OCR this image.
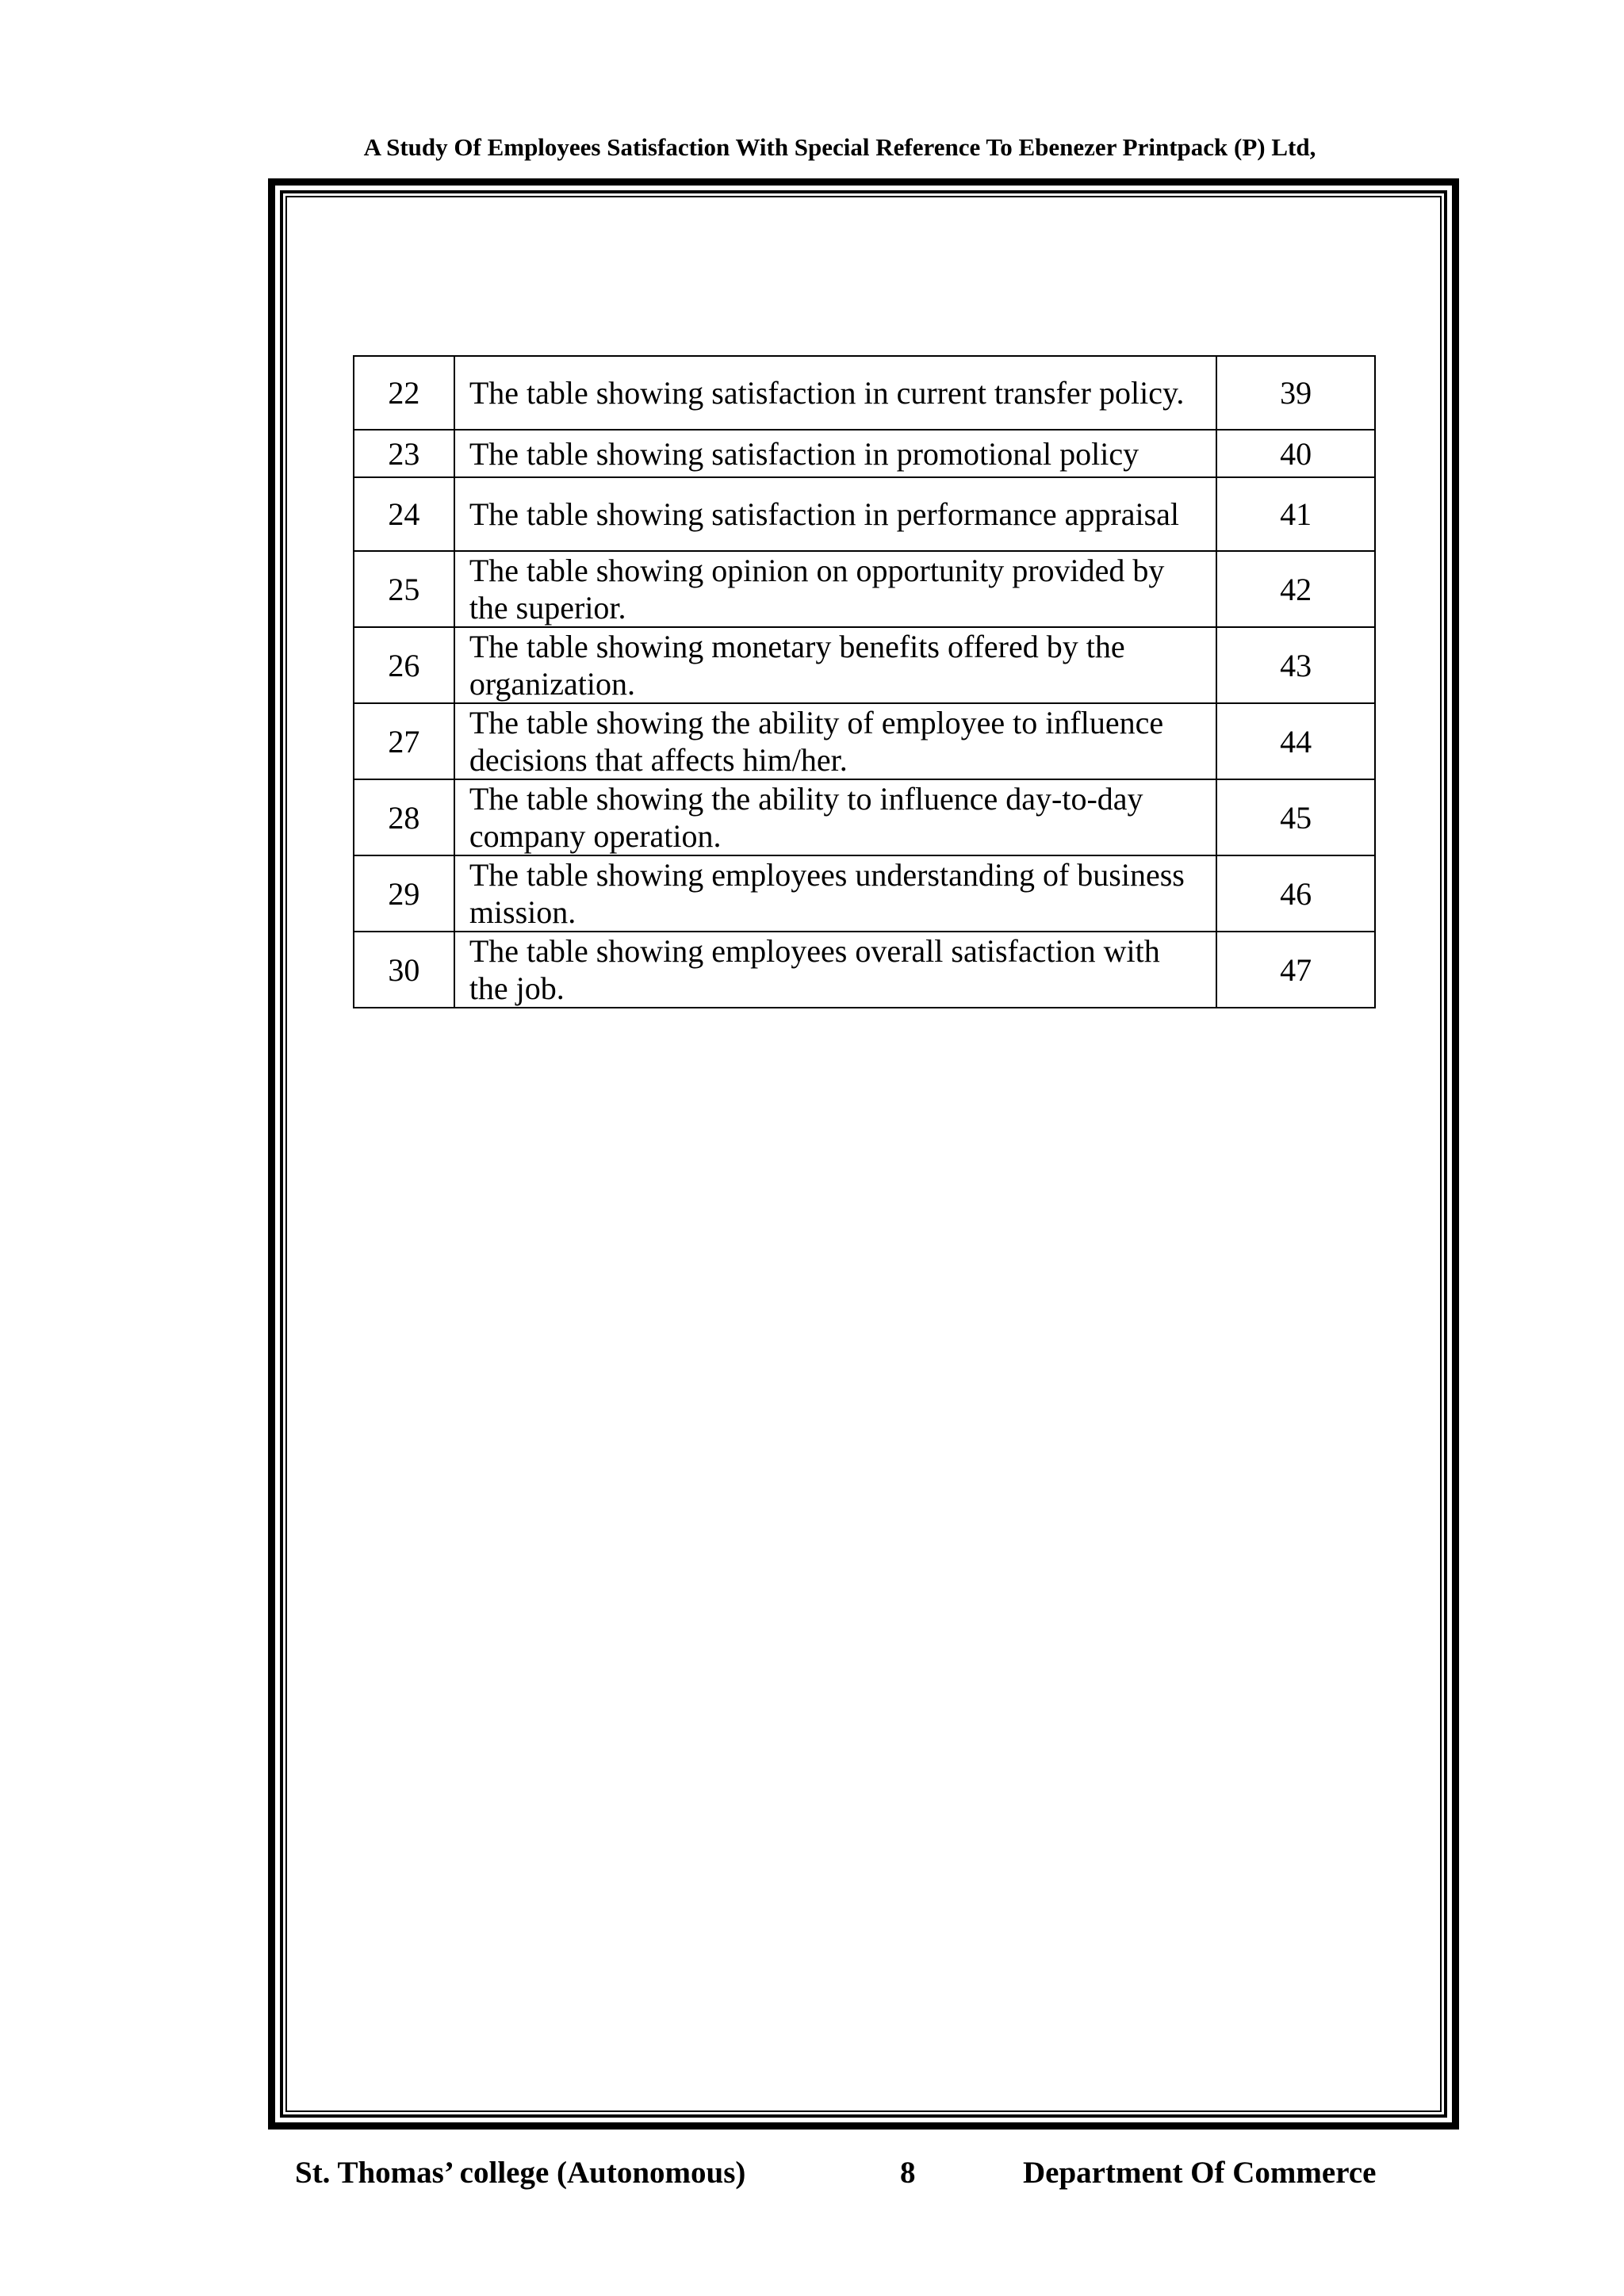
A Study Of Employees Satisfaction With Special Reference To Ebenezer Printpack (P) Ltd,
22	The table showing satisfaction in current transfer policy.	39
23	The table showing satisfaction in promotional policy	40
24	The table showing satisfaction in performance appraisal	41
25	The table showing opinion on opportunity provided by the superior.	42
26	The table showing monetary benefits offered by the organization.	43
27	The table showing the ability of employee to influence decisions that affects him/her.	44
28	The table showing the ability to influence day-to-day company operation.	45
29	The table showing employees understanding of business mission.	46
30	The table showing employees overall satisfaction with the job.	47
St. Thomas’ college (Autonomous)	8	Department Of Commerce
